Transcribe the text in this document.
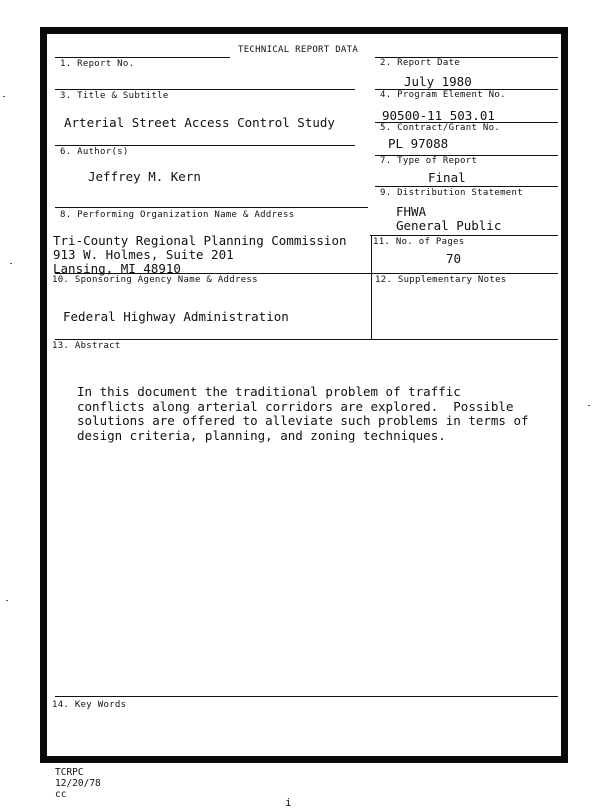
TECHNICAL REPORT DATA
1. Report No.	2. Report Date
July 1980
3. Title & Subtitle
Arterial Street Access Control Study
4. Program Element No.
90500-11 503.01
5. Contract/Grant No.
PL 97088
6. Author(s)
Jeffrey M. Kern
7. Type of Report
Final
9. Distribution Statement
FHWA
General Public
8. Performing Organization Name & Address
Tri-County Regional Planning Commission
913 W. Holmes, Suite 201
Lansing, MI 48910
11. No. of Pages
70
10. Sponsoring Agency Name & Address
Federal Highway Administration
12. Supplementary Notes
13. Abstract
In this document the traditional problem of traffic
conflicts along arterial corridors are explored.  Possible
solutions are offered to alleviate such problems in terms of
design criteria, planning, and zoning techniques.
14. Key Words
TCRPC
12/20/78
cc
i
